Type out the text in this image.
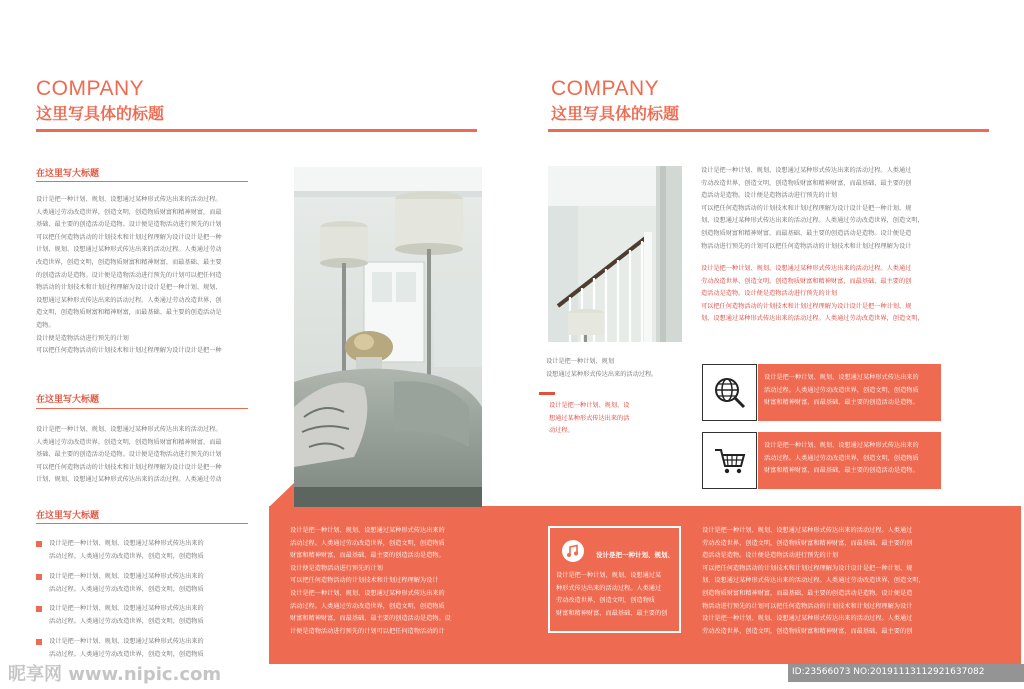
COMPANY
这里写具体的标题
在这里写大标题
设计是把一种计划、规划、设想通过某种形式传达出来的活动过程。
人类通过劳动改造世界，创造文明，创造物质财富和精神财富，而最
基础、最主要的创造活动是造物。设计便是造物活动进行预先的计划
可以把任何造物活动的计划技术和计划过程理解为设计设计是把一种
计划、规划、设想通过某种形式传达出来的活动过程。人类通过劳动
改造世界，创造文明，创造物质财富和精神财富，而最基础、最主要
的创造活动是造物。设计便是造物活动进行预先的计划可以把任何造
物活动的计划技术和计划过程理解为设计设计是把一种计划、规划、
设想通过某种形式传达出来的活动过程。人类通过劳动改造世界，创
造文明，创造物质财富和精神财富，而最基础、最主要的创造活动是
造物。
设计便是造物活动进行预先的计划
可以把任何造物活动的计划技术和计划过程理解为设计设计是把一种
在这里写大标题
设计是把一种计划、规划、设想通过某种形式传达出来的活动过程。
人类通过劳动改造世界，创造文明，创造物质财富和精神财富，而最
基础、最主要的创造活动是造物。设计便是造物活动进行预先的计划
可以把任何造物活动的计划技术和计划过程理解为设计设计是把一种
计划、规划、设想通过某种形式传达出来的活动过程。人类通过劳动
在这里写大标题
设计是把一种计划、规划、设想通过某种形式传达出来的
活动过程。人类通过劳动改造世界，创造文明，创造物质
设计是把一种计划、规划、设想通过某种形式传达出来的
活动过程。人类通过劳动改造世界，创造文明，创造物质
设计是把一种计划、规划、设想通过某种形式传达出来的
活动过程。人类通过劳动改造世界，创造文明，创造物质
设计是把一种计划、规划、设想通过某种形式传达出来的
活动过程。人类通过劳动改造世界，创造文明，创造物质
设计是把一种计划、规划、设想通过某种形式传达出来的
活动过程。人类通过劳动改造世界，创造文明，创造物质
财富和精神财富，而最基础、最主要的创造活动是造物。
设计便是造物活动进行预先的计划
可以把任何造物活动的计划技术和计划过程理解为设计
设计是把一种计划、规划、设想通过某种形式传达出来的
活动过程。人类通过劳动改造世界，创造文明，创造物质
财富和精神财富，而最基础、最主要的创造活动是造物。设
计便是造物活动进行预先的计划可以把任何造物活动的计
COMPANY
这里写具体的标题
设计是把一种计划、规划
设想通过某种形式传达出来的活动过程。
设计是把一种计划、规划、设
想通过某种形式传达出来的活
动过程。
设计是把一种计划、规划、设想通过某种形式传达出来的活动过程。人类通过
劳动改造世界，创造文明，创造物质财富和精神财富，而最基础、最主要的创
造活动是造物。设计便是造物活动进行预先的计划
可以把任何造物活动的计划技术和计划过程理解为设计设计是把一种计划、规
划、设想通过某种形式传达出来的活动过程。人类通过劳动改造世界，创造文明，
创造物质财富和精神财富，而最基础、最主要的创造活动是造物。设计便是造
物活动进行预先的计划可以把任何造物活动的计划技术和计划过程理解为设计
设计是把一种计划、规划、设想通过某种形式传达出来的活动过程。人类通过
劳动改造世界，创造文明，创造物质财富和精神财富，而最基础、最主要的创
造活动是造物。设计便是造物活动进行预先的计划
可以把任何造物活动的计划技术和计划过程理解为设计设计是把一种计划、规
划、设想通过某种形式传达出来的活动过程。人类通过劳动改造世界，创造文明，
设计是把一种计划、规划、设想通过某种形式传达出来的
活动过程。人类通过劳动改造世界，创造文明，创造物质
财富和精神财富，而最基础、最主要的创造活动是造物。
设计是把一种计划、规划、设想通过某种形式传达出来的
活动过程。人类通过劳动改造世界，创造文明，创造物质
财富和精神财富，而最基础、最主要的创造活动是造物。
设计是把一种计划、规划、
设计是把一种计划、规划、设想通过某
种形式传达出来的活动过程。人类通过
劳动改造世界，创造文明，创造物质
财富和精神财富，而最基础、最主要的创
设计是把一种计划、规划、设想通过某种形式传达出来的活动过程。人类通过
劳动改造世界，创造文明，创造物质财富和精神财富，而最基础、最主要的创
造活动是造物。设计便是造物活动进行预先的计划
可以把任何造物活动的计划技术和计划过程理解为设计设计是把一种计划、规
划、设想通过某种形式传达出来的活动过程。人类通过劳动改造世界，创造文明，
创造物质财富和精神财富，而最基础、最主要的创造活动是造物。设计便是造
物活动进行预先的计划可以把任何造物活动的计划技术和计划过程理解为设计
设计是把一种计划、规划、设想通过某种形式传达出来的活动过程。人类通过
劳动改造世界，创造文明，创造物质财富和精神财富，而最基础、最主要的创
昵享网 www.nipic.com	ID:23566073 NO:20191113112921637082
